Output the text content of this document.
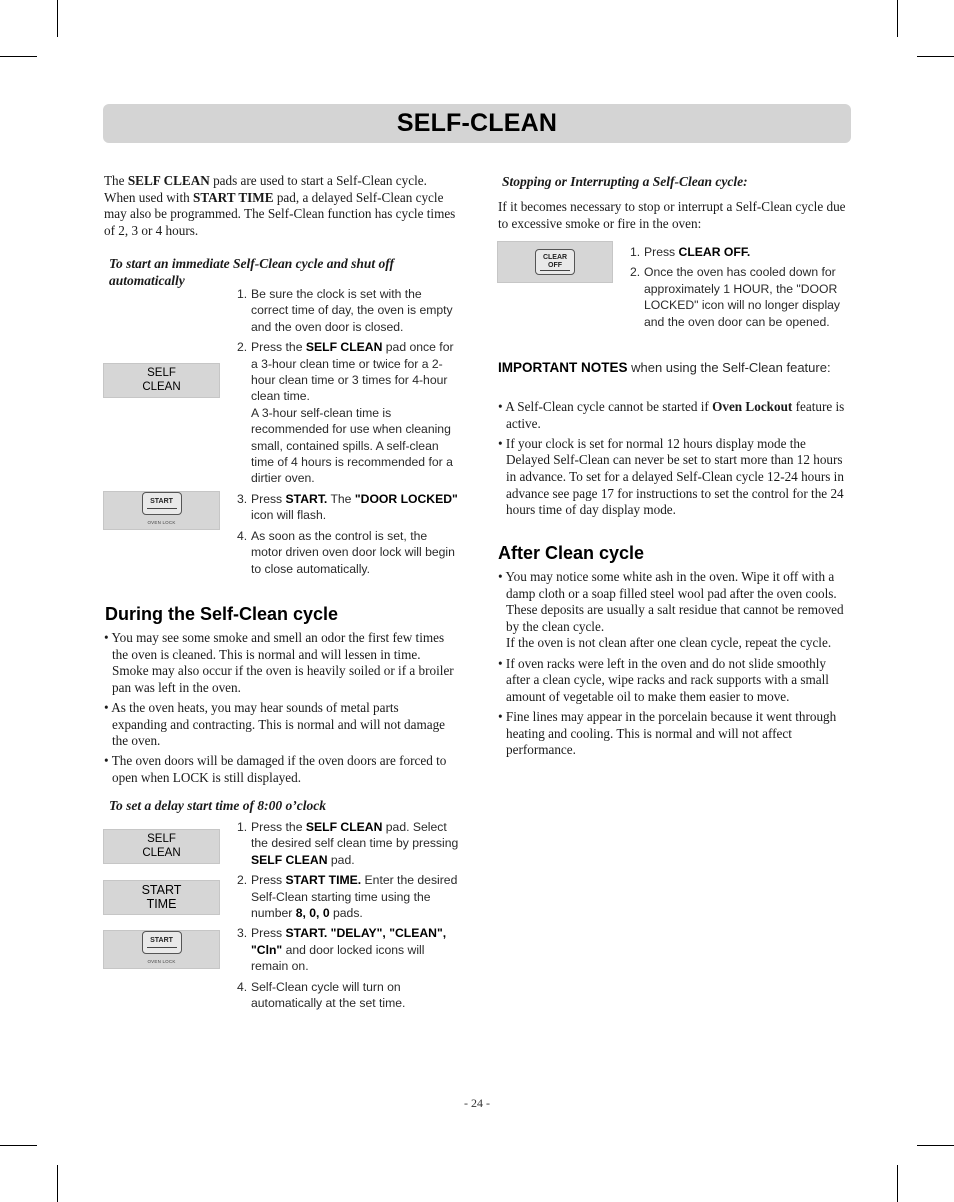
SELF-CLEAN

The SELF CLEAN pads are used to start a Self-Clean cycle. When used with START TIME pad, a delayed Self-Clean cycle may also be programmed. The Self-Clean function has cycle times of 2, 3 or 4 hours.

To start an immediate Self-Clean cycle and shut off automatically
SELF
CLEAN
START
OVEN LOCK
1. Be sure the clock is set with the correct time of day, the oven is empty and the oven door is closed.
2. Press the SELF CLEAN pad once for a 3-hour clean time or twice for a 2-hour clean time or 3 times for 4-hour clean time.
A 3-hour self-clean time is recommended for use when cleaning small, contained spills. A self-clean time of 4 hours is recommended for a dirtier oven.
3. Press START. The "DOOR LOCKED" icon will flash.
4. As soon as the control is set, the motor driven oven door lock will begin to close automatically.
During the Self-Clean cycle
• You may see some smoke and smell an odor the first few times the oven is cleaned. This is normal and will lessen in time. Smoke may also occur if the oven is heavily soiled or if a broiler pan was left in the oven.
• As the oven heats, you may hear sounds of metal parts expanding and contracting. This is normal and will not damage the oven.
• The oven doors will be damaged if the oven doors are forced to open when LOCK is still displayed.
To set a delay start time of 8:00 o’clock
SELF
CLEAN
START
TIME
START
OVEN LOCK
1. Press the SELF CLEAN pad. Select the desired self clean time by pressing SELF CLEAN pad.
2. Press START TIME. Enter the desired Self-Clean starting time using the number 8, 0, 0 pads.
3. Press START. "DELAY", "CLEAN", "Cln" and door locked icons will remain on.
4. Self-Clean cycle will turn on automatically at the set time.
Stopping or Interrupting a Self-Clean cycle:

If it becomes necessary to stop or interrupt a Self-Clean cycle due to excessive smoke or fire in the oven:

CLEAR
OFF
1. Press CLEAR OFF.
2. Once the oven has cooled down for approximately 1 HOUR, the "DOOR LOCKED" icon will no longer display and the oven door can be opened.
IMPORTANT NOTES when using the Self-Clean feature:
• A Self-Clean cycle cannot be started if Oven Lockout feature is active.
• If your clock is set for normal 12 hours display mode the Delayed Self-Clean can never be set to start more than 12 hours in advance. To set for a delayed Self-Clean cycle 12-24 hours in advance see page 17 for instructions to set the control for the 24 hours time of day display mode.
After Clean cycle
• You may notice some white ash in the oven. Wipe it off with a damp cloth or a soap filled steel wool pad after the oven cools.
These deposits are usually a salt residue that cannot be removed by the clean cycle.
If the oven is not clean after one clean cycle, repeat the cycle.
• If oven racks were left in the oven and do not slide smoothly after a clean cycle, wipe racks and rack supports with a small amount of vegetable oil to make them easier to move.
• Fine lines may appear in the porcelain because it went through heating and cooling. This is normal and will not affect performance.
- 24 -
